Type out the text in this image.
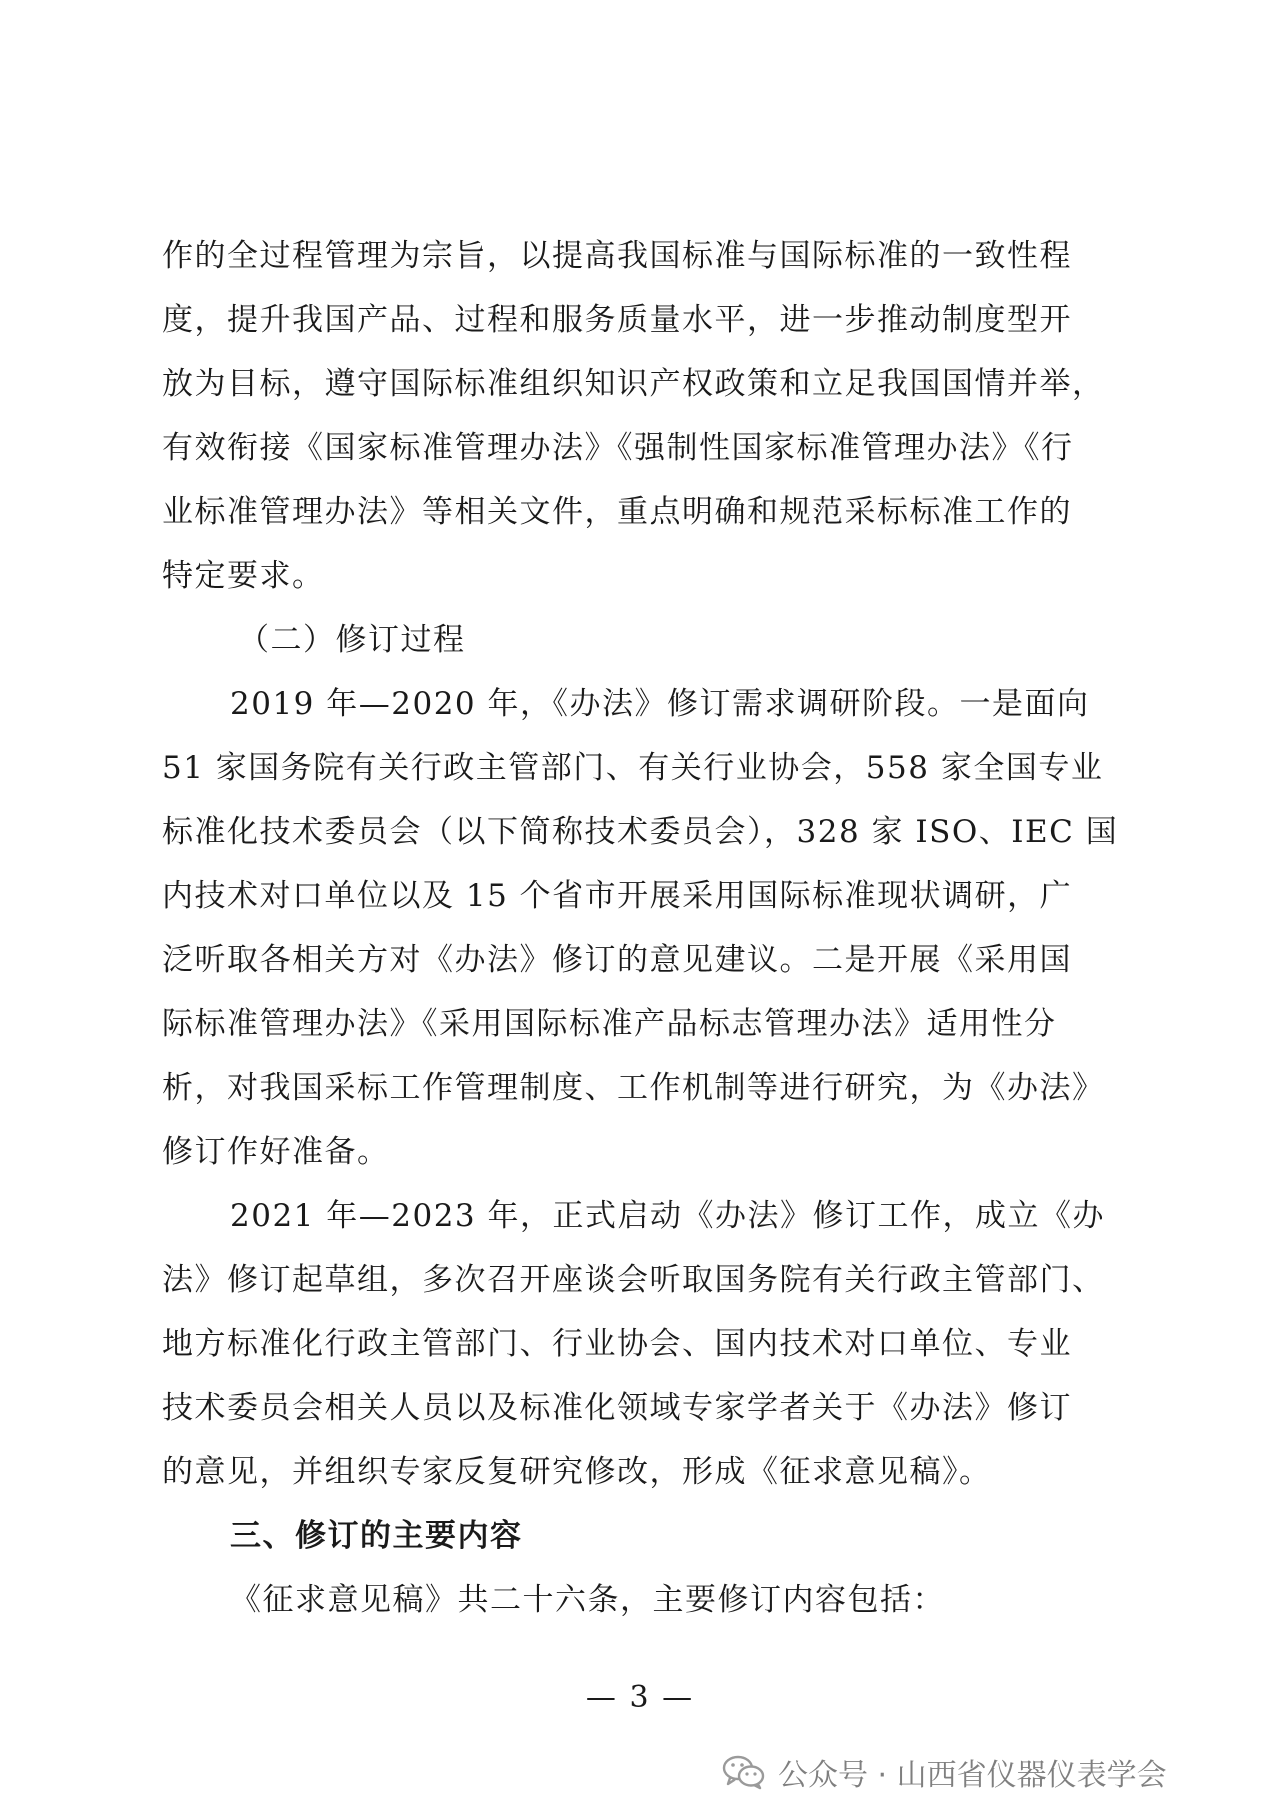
作的全过程管理为宗旨，以提高我国标准与国际标准的一致性程
度，提升我国产品、过程和服务质量水平，进一步推动制度型开
放为目标，遵守国际标准组织知识产权政策和立足我国国情并举，
有效衔接《国家标准管理办法》《强制性国家标准管理办法》《行
业标准管理办法》等相关文件，重点明确和规范采标标准工作的
特定要求。
（二）修订过程
2019 年—2020 年，《办法》修订需求调研阶段。一是面向
51 家国务院有关行政主管部门、有关行业协会，558 家全国专业
标准化技术委员会（以下简称技术委员会），328 家 ISO、IEC 国
内技术对口单位以及 15 个省市开展采用国际标准现状调研，广
泛听取各相关方对《办法》修订的意见建议。二是开展《采用国
际标准管理办法》《采用国际标准产品标志管理办法》适用性分
析，对我国采标工作管理制度、工作机制等进行研究，为《办法》
修订作好准备。
2021 年—2023 年，正式启动《办法》修订工作，成立《办
法》修订起草组，多次召开座谈会听取国务院有关行政主管部门、
地方标准化行政主管部门、行业协会、国内技术对口单位、专业
技术委员会相关人员以及标准化领域专家学者关于《办法》修订
的意见，并组织专家反复研究修改，形成《征求意见稿》。
三、修订的主要内容
《征求意见稿》共二十六条，主要修订内容包括：
— 3 —
公众号 · 山西省仪器仪表学会
